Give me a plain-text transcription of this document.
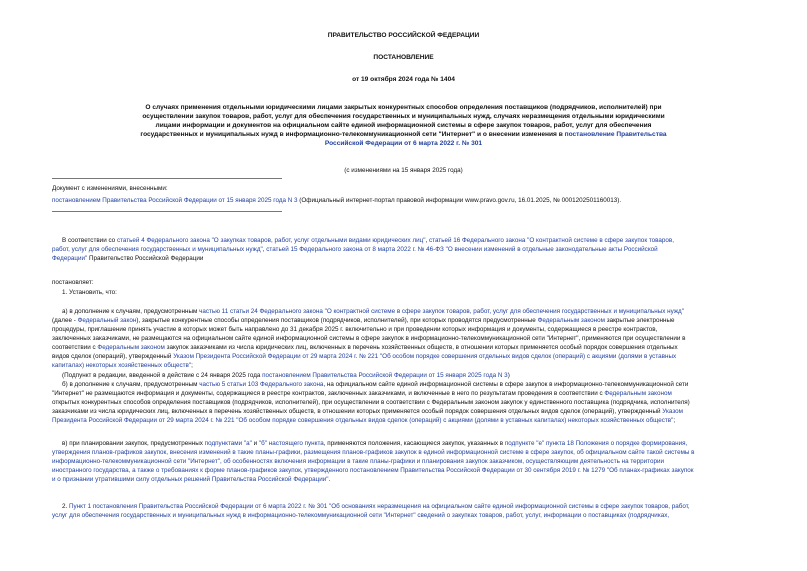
ПРАВИТЕЛЬСТВО РОССИЙСКОЙ ФЕДЕРАЦИИ
ПОСТАНОВЛЕНИЕ
от 19 октября 2024 года № 1404
О случаях применения отдельными юридическими лицами закрытых конкурентных способов определения поставщиков (подрядчиков, исполнителей) при
осуществлении закупок товаров, работ, услуг для обеспечения государственных и муниципальных нужд, случаях неразмещения отдельными юридическими
лицами информации и документов на официальном сайте единой информационной системы в сфере закупок товаров, работ, услуг для обеспечения
государственных и муниципальных нужд в информационно-телекоммуникационной сети "Интернет" и о внесении изменения в постановление Правительства
Российской Федерации от 6 марта 2022 г. № 301
(с изменениями на 15 января 2025 года)
Документ с изменениями, внесенными:
постановлением Правительства Российской Федерации от 15 января 2025 года N 3 (Официальный интернет-портал правовой информации www.pravo.gov.ru, 16.01.2025, № 0001202501160013).
В соответствии со статьей 4 Федерального закона "О закупках товаров, работ, услуг отдельными видами юридических лиц", статьей 16 Федерального закона "О контрактной системе в сфере закупок товаров,
работ, услуг для обеспечения государственных и муниципальных нужд", статьей 15 Федерального закона от 8 марта 2022 г. № 46-ФЗ "О внесении изменений в отдельные законодательные акты Российской
Федерации" Правительство Российской Федерации
постановляет:
1. Установить, что:
а) в дополнение к случаям, предусмотренным частью 11 статьи 24 Федерального закона "О контрактной системе в сфере закупок товаров, работ, услуг для обеспечения государственных и муниципальных нужд"
(далее - Федеральный закон), закрытые конкурентные способы определения поставщиков (подрядчиков, исполнителей), при которых проводятся предусмотренные Федеральным законом закрытые электронные
процедуры, приглашение принять участие в которых может быть направлено до 31 декабря 2025 г. включительно и при проведении которых информация и документы, содержащиеся в реестре контрактов,
заключенных заказчиками, не размещаются на официальном сайте единой информационной системы в сфере закупок в информационно-телекоммуникационной сети "Интернет", применяются при осуществлении в
соответствии с Федеральным законом закупок заказчиками из числа юридических лиц, включенных в перечень хозяйственных обществ, в отношении которых применяется особый порядок совершения отдельных
видов сделок (операций), утвержденный Указом Президента Российской Федерации от 29 марта 2024 г. № 221 "Об особом порядке совершения отдельных видов сделок (операций) с акциями (долями в уставных
капиталах) некоторых хозяйственных обществ";
(Подпункт в редакции, введенной в действие с 24 января 2025 года постановлением Правительства Российской Федерации от 15 января 2025 года N 3)
б) в дополнение к случаям, предусмотренным частью 5 статьи 103 Федерального закона, на официальном сайте единой информационной системы в сфере закупок в информационно-телекоммуникационной сети
"Интернет" не размещаются информация и документы, содержащиеся в реестре контрактов, заключенных заказчиками, и включенные в него по результатам проведения в соответствии с Федеральным законом
открытых конкурентных способов определения поставщиков (подрядчиков, исполнителей), при осуществлении в соответствии с Федеральным законом закупок у единственного поставщика (подрядчика, исполнителя)
заказчиками из числа юридических лиц, включенных в перечень хозяйственных обществ, в отношении которых применяется особый порядок совершения отдельных видов сделок (операций), утвержденный Указом
Президента Российской Федерации от 29 марта 2024 г. № 221 "Об особом порядке совершения отдельных видов сделок (операций) с акциями (долями в уставных капиталах) некоторых хозяйственных обществ";
в) при планировании закупок, предусмотренных подпунктами "а" и "б" настоящего пункта, применяются положения, касающиеся закупок, указанных в подпункте "е" пункта 18 Положения о порядке формирования,
утверждения планов-графиков закупок, внесения изменений в такие планы-графики, размещения планов-графиков закупок в единой информационной системе в сфере закупок, об официальном сайте такой системы в
информационно-телекоммуникационной сети "Интернет", об особенностях включения информации в такие планы-графики и планирования закупок заказчиком, осуществляющим деятельность на территории
иностранного государства, а также о требованиях к форме планов-графиков закупок, утвержденного постановлением Правительства Российской Федерации от 30 сентября 2019 г. № 1279 "Об планах-графиках закупок
и о признании утратившими силу отдельных решений Правительства Российской Федерации".
2. Пункт 1 постановления Правительства Российской Федерации от 6 марта 2022 г. № 301 "Об основаниях неразмещения на официальном сайте единой информационной системы в сфере закупок товаров, работ,
услуг для обеспечения государственных и муниципальных нужд в информационно-телекоммуникационной сети "Интернет" сведений о закупках товаров, работ, услуг, информации о поставщиках (подрядчиках,
